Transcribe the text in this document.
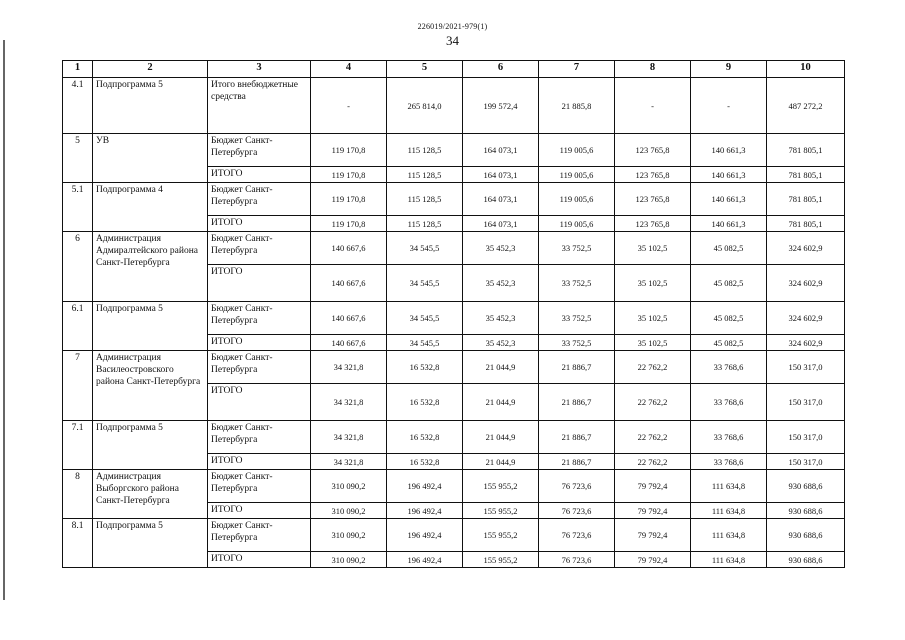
226019/2021-979(1)
34
1	2	3	4	5	6	7	8	9	10
4.1	Подпрограмма 5	Итого внебюджетные средства	-	265 814,0	199 572,4	21 885,8	-	-	487 272,2
5	УВ	Бюджет Санкт-Петербурга	119 170,8	115 128,5	164 073,1	119 005,6	123 765,8	140 661,3	781 805,1
		ИТОГО	119 170,8	115 128,5	164 073,1	119 005,6	123 765,8	140 661,3	781 805,1
5.1	Подпрограмма 4	Бюджет Санкт-Петербурга	119 170,8	115 128,5	164 073,1	119 005,6	123 765,8	140 661,3	781 805,1
		ИТОГО	119 170,8	115 128,5	164 073,1	119 005,6	123 765,8	140 661,3	781 805,1
6	Администрация Адмиралтейского района Санкт-Петербурга	Бюджет Санкт-Петербурга	140 667,6	34 545,5	35 452,3	33 752,5	35 102,5	45 082,5	324 602,9
		ИТОГО	140 667,6	34 545,5	35 452,3	33 752,5	35 102,5	45 082,5	324 602,9
6.1	Подпрограмма 5	Бюджет Санкт-Петербурга	140 667,6	34 545,5	35 452,3	33 752,5	35 102,5	45 082,5	324 602,9
		ИТОГО	140 667,6	34 545,5	35 452,3	33 752,5	35 102,5	45 082,5	324 602,9
7	Администрация Василеостровского района Санкт-Петербурга	Бюджет Санкт-Петербурга	34 321,8	16 532,8	21 044,9	21 886,7	22 762,2	33 768,6	150 317,0
		ИТОГО	34 321,8	16 532,8	21 044,9	21 886,7	22 762,2	33 768,6	150 317,0
7.1	Подпрограмма 5	Бюджет Санкт-Петербурга	34 321,8	16 532,8	21 044,9	21 886,7	22 762,2	33 768,6	150 317,0
		ИТОГО	34 321,8	16 532,8	21 044,9	21 886,7	22 762,2	33 768,6	150 317,0
8	Администрация Выборгского района Санкт-Петербурга	Бюджет Санкт-Петербурга	310 090,2	196 492,4	155 955,2	76 723,6	79 792,4	111 634,8	930 688,6
		ИТОГО	310 090,2	196 492,4	155 955,2	76 723,6	79 792,4	111 634,8	930 688,6
8.1	Подпрограмма 5	Бюджет Санкт-Петербурга	310 090,2	196 492,4	155 955,2	76 723,6	79 792,4	111 634,8	930 688,6
		ИТОГО	310 090,2	196 492,4	155 955,2	76 723,6	79 792,4	111 634,8	930 688,6
